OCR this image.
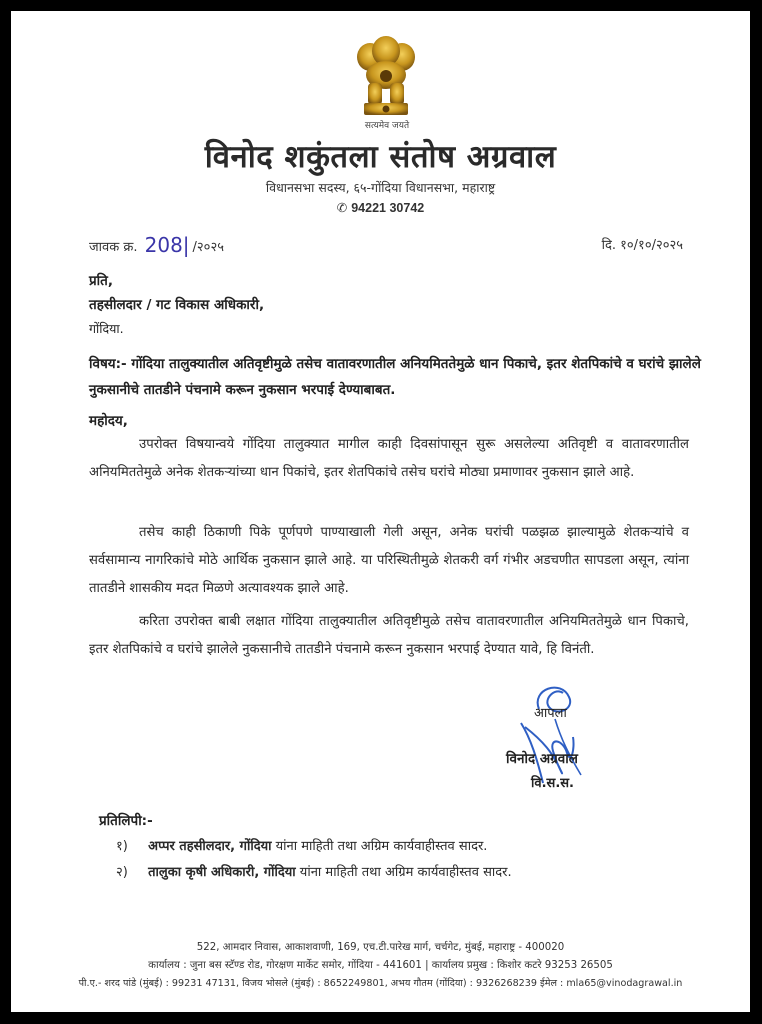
सत्यमेव जयते
विनोद शकुंतला संतोष अग्रवाल
विधानसभा सदस्य, ६५-गोंदिया विधानसभा, महाराष्ट्र
✆ 94221 30742
जावक क्र. 208| /२०२५	दि. १०/१०/२०२५
प्रति,
तहसीलदार / गट विकास अधिकारी,
गोंदिया.
विषय:- गोंदिया तालुक्यातील अतिवृष्टीमुळे तसेच वातावरणातील अनियमिततेमुळे धान पिकाचे, इतर शेतपिकांचे व घरांचे झालेले नुकसानीचे तातडीने पंचनामे करून नुकसान भरपाई देण्याबाबत.
महोदय,
उपरोक्त विषयान्वये गोंदिया तालुक्यात मागील काही दिवसांपासून सुरू असलेल्या अतिवृष्टी व वातावरणातील अनियमिततेमुळे अनेक शेतकऱ्यांच्या धान पिकांचे, इतर शेतपिकांचे तसेच घरांचे मोठ्या प्रमाणावर नुकसान झाले आहे.
तसेच काही ठिकाणी पिके पूर्णपणे पाण्याखाली गेली असून, अनेक घरांची पळझळ झाल्यामुळे शेतकऱ्यांचे व सर्वसामान्य नागरिकांचे मोठे आर्थिक नुकसान झाले आहे. या परिस्थितीमुळे शेतकरी वर्ग गंभीर अडचणीत सापडला असून, त्यांना तातडीने शासकीय मदत मिळणे अत्यावश्यक झाले आहे.
करिता उपरोक्त बाबी लक्षात गोंदिया तालुक्यातील अतिवृष्टीमुळे तसेच वातावरणातील अनियमिततेमुळे धान पिकाचे, इतर शेतपिकांचे व घरांचे झालेले नुकसानीचे तातडीने पंचनामे करून नुकसान भरपाई देण्यात यावे, हि विनंती.
आपला
विनोद अग्रवाल
वि.स.स.
प्रतिलिपी:-
१) अप्पर तहसीलदार, गोंदिया यांना माहिती तथा अग्रिम कार्यवाहीस्तव सादर.
२) तालुका कृषी अधिकारी, गोंदिया यांना माहिती तथा अग्रिम कार्यवाहीस्तव सादर.
522, आमदार निवास, आकाशवाणी, 169, एच.टी.पारेख मार्ग, चर्चगेट, मुंबई, महाराष्ट्र - 400020
कार्यालय : जुना बस स्टॅण्ड रोड, गोरक्षण मार्केट समोर, गोंदिया - 441601 | कार्यालय प्रमुख : किशोर कटरे 93253 26505
पी.ए.- शरद पांडे (मुंबई) : 99231 47131, विजय भोसले (मुंबई) : 8652249801, अभय गौतम (गोंदिया) : 9326268239 ईमेल : mla65@vinodagrawal.in
